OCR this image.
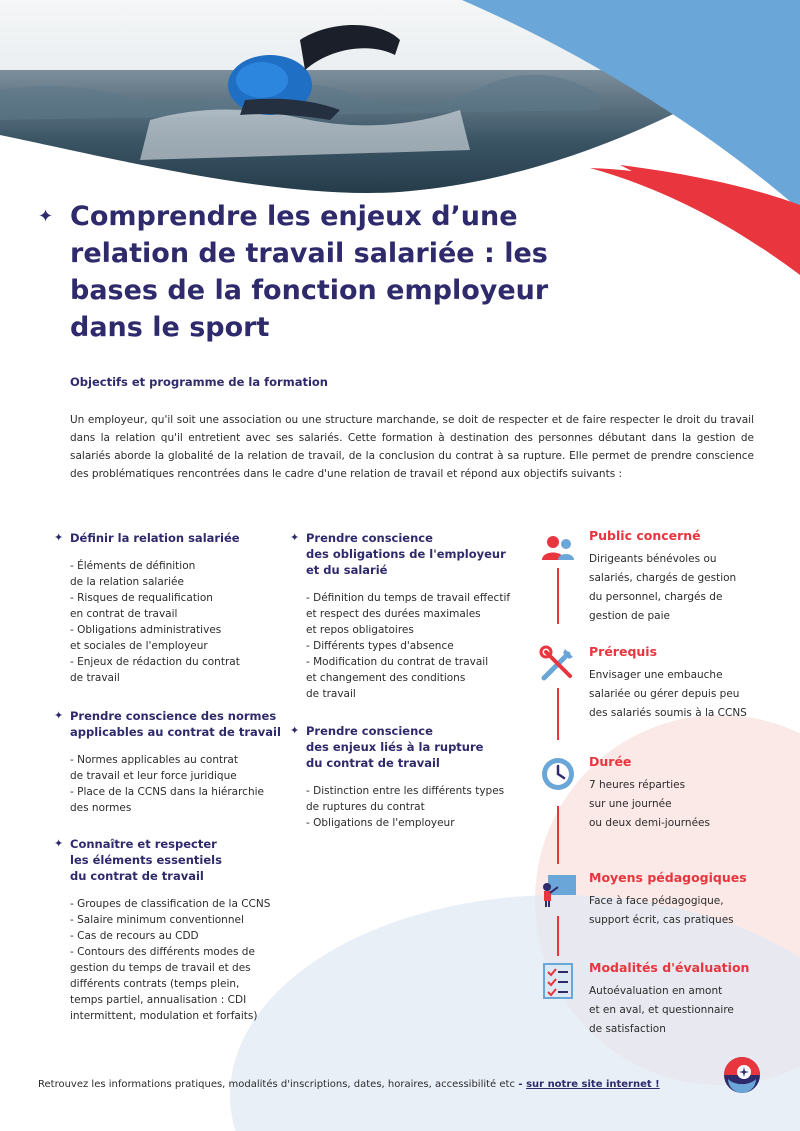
✦ Comprendre les enjeux d’une relation de travail salariée : les bases de la fonction employeur dans le sport
Objectifs et programme de la formation

Un employeur, qu'il soit une association ou une structure marchande, se doit de respecter et de faire respecter le droit du travail dans la relation qu'il entretient avec ses salariés. Cette formation à destination des personnes débutant dans la gestion de salariés aborde la globalité de la relation de travail, de la conclusion du contrat à sa rupture. Elle permet de prendre conscience des problématiques rencontrées dans le cadre d'une relation de travail et répond aux objectifs suivants :

✦ Définir la relation salariée
- Éléments de définition
de la relation salariée
- Risques de requalification
en contrat de travail
- Obligations administratives
et sociales de l'employeur
- Enjeux de rédaction du contrat
de travail
✦ Prendre conscience des normes
applicables au contrat de travail
- Normes applicables au contrat
de travail et leur force juridique
- Place de la CCNS dans la hiérarchie
des normes
✦ Connaître et respecter
les éléments essentiels
du contrat de travail
- Groupes de classification de la CCNS
- Salaire minimum conventionnel
- Cas de recours au CDD
- Contours des différents modes de
gestion du temps de travail et des
différents contrats (temps plein,
temps partiel, annualisation : CDI
intermittent, modulation et forfaits)
✦ Prendre conscience
des obligations de l'employeur
et du salarié
- Définition du temps de travail effectif
et respect des durées maximales
et repos obligatoires
- Différents types d'absence
- Modification du contrat de travail
et changement des conditions
de travail
✦ Prendre conscience
des enjeux liés à la rupture
du contrat de travail
- Distinction entre les différents types
de ruptures du contrat
- Obligations de l'employeur
Public concerné
Dirigeants bénévoles ou
salariés, chargés de gestion
du personnel, chargés de
gestion de paie
Prérequis
Envisager une embauche
salariée ou gérer depuis peu
des salariés soumis à la CCNS
Durée
7 heures réparties
sur une journée
ou deux demi-journées
Moyens pédagogiques
Face à face pédagogique,
support écrit, cas pratiques
Modalités d'évaluation
Autoévaluation en amont
et en aval, et questionnaire
de satisfaction
Retrouvez les informations pratiques, modalités d'inscriptions, dates, horaires, accessibilité etc - sur notre site internet !
